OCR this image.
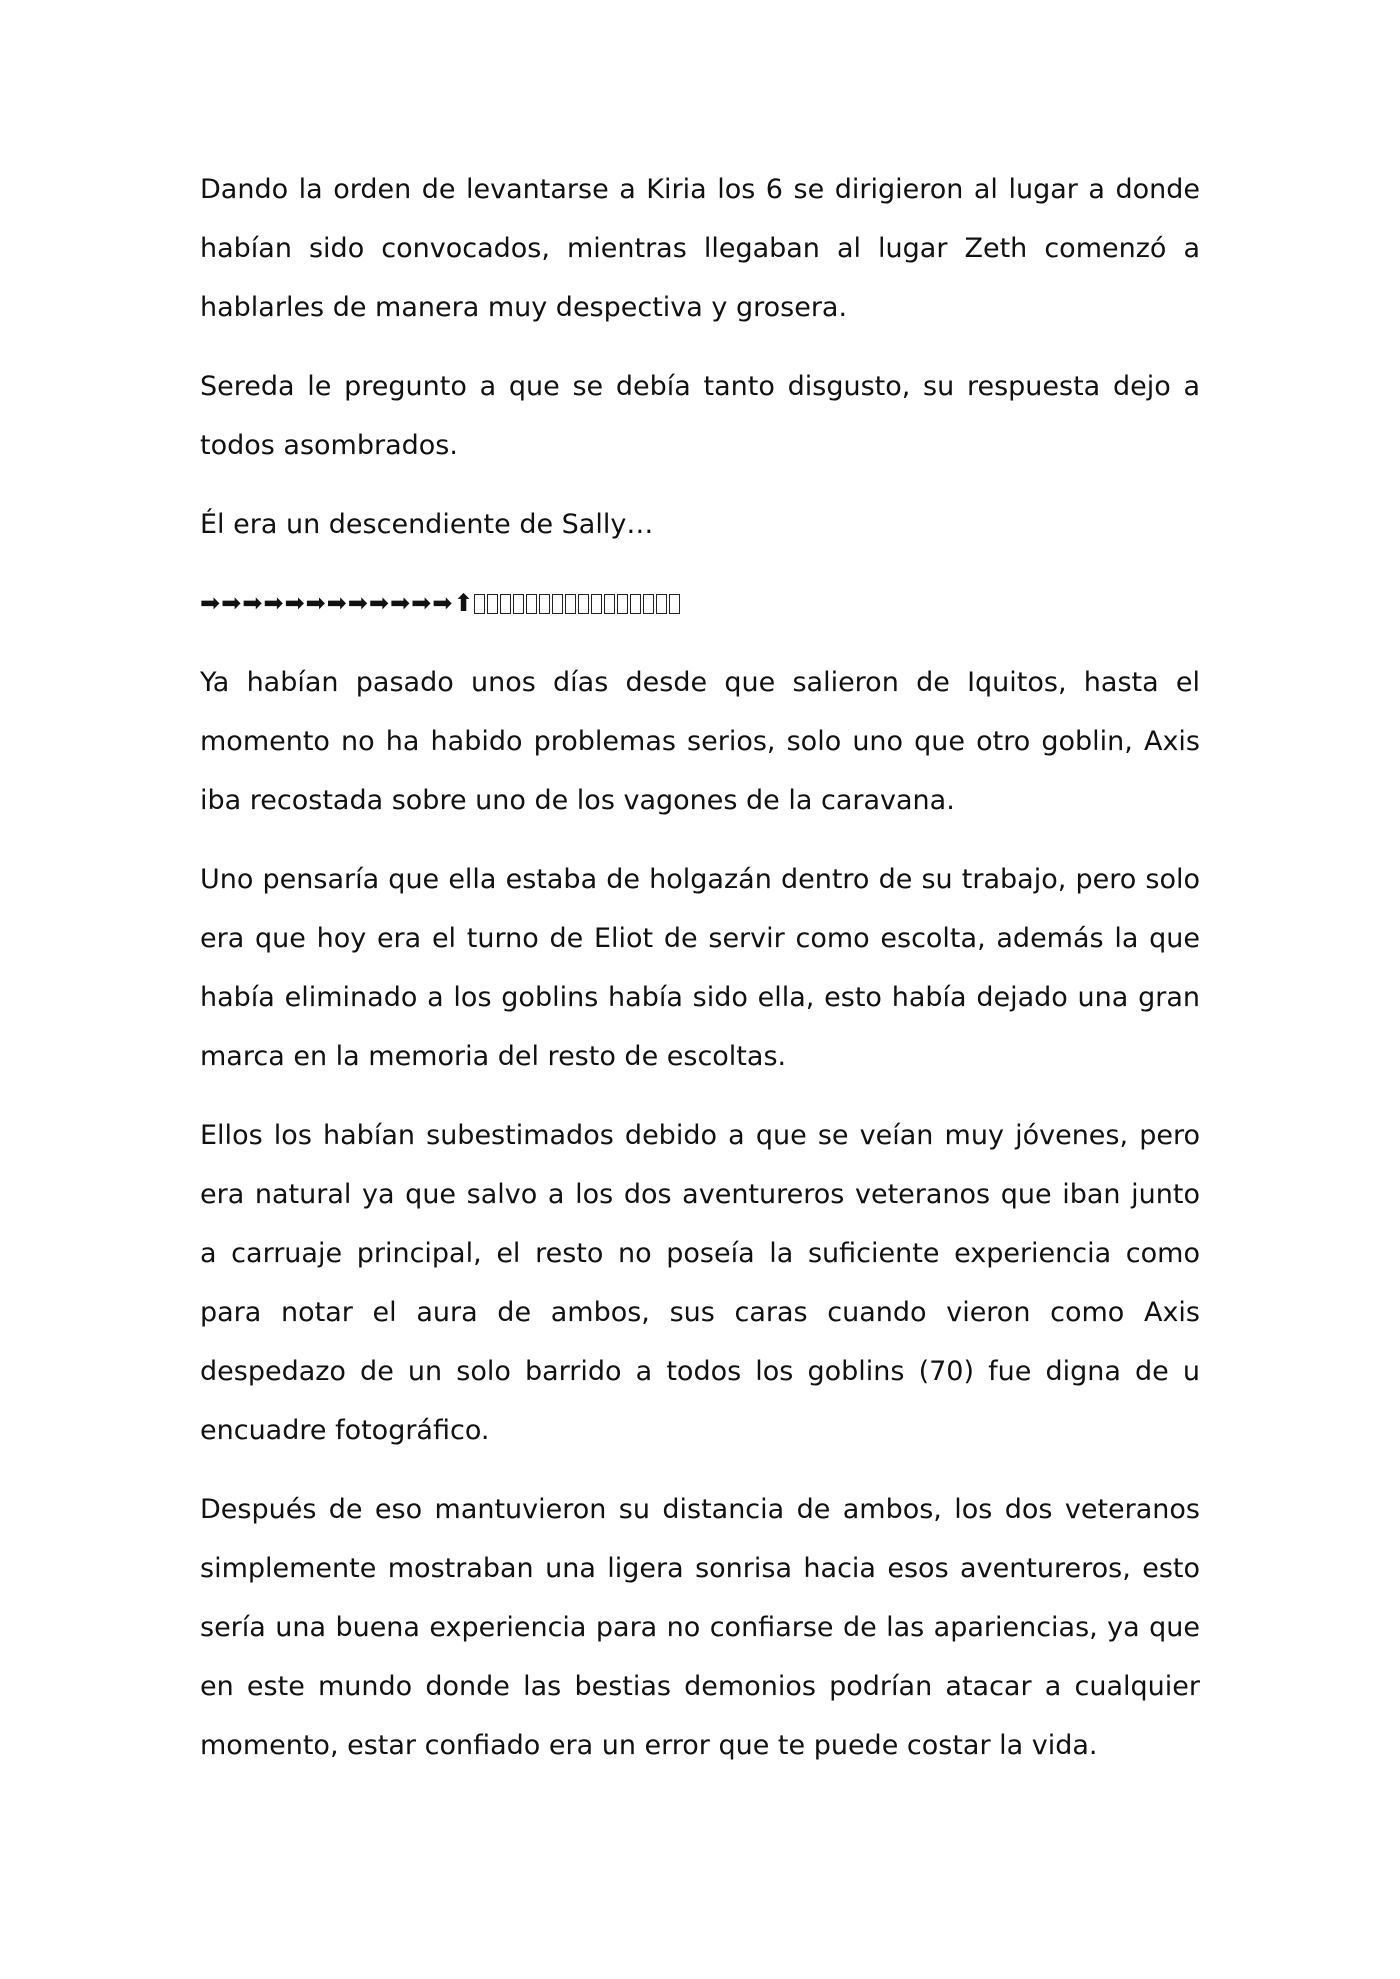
Dando la orden de levantarse a Kiria los 6 se dirigieron al lugar a donde habían sido convocados, mientras llegaban al lugar Zeth comenzó a hablarles de manera muy despectiva y grosera.

Sereda le pregunto a que se debía tanto disgusto, su respuesta dejo a todos asombrados.

Él era un descendiente de Sally…

➡➡➡➡➡➡➡➡➡➡➡➡⬆

Ya habían pasado unos días desde que salieron de Iquitos, hasta el momento no ha habido problemas serios, solo uno que otro goblin, Axis iba recostada sobre uno de los vagones de la caravana.

Uno pensaría que ella estaba de holgazán dentro de su trabajo, pero solo era que hoy era el turno de Eliot de servir como escolta, además la que había eliminado a los goblins había sido ella, esto había dejado una gran marca en la memoria del resto de escoltas.

Ellos los habían subestimados debido a que se veían muy jóvenes, pero era natural ya que salvo a los dos aventureros veteranos que iban junto a carruaje principal, el resto no poseía la suficiente experiencia como para notar el aura de ambos, sus caras cuando vieron como Axis despedazo de un solo barrido a todos los goblins (70) fue digna de u encuadre fotográfico.

Después de eso mantuvieron su distancia de ambos, los dos veteranos simplemente mostraban una ligera sonrisa hacia esos aventureros, esto sería una buena experiencia para no confiarse de las apariencias, ya que en este mundo donde las bestias demonios podrían atacar a cualquier momento, estar confiado era un error que te puede costar la vida.
